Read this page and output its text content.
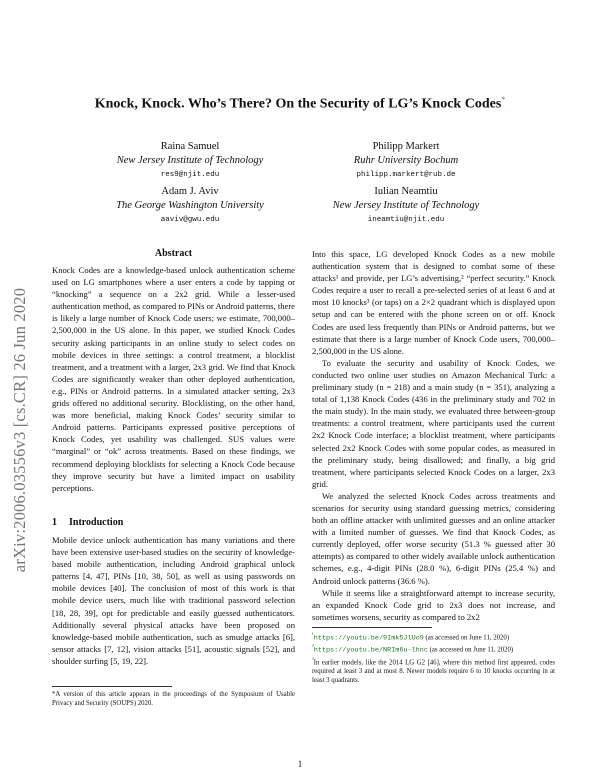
arXiv:2006.03556v3 [cs.CR] 26 Jun 2020
Knock, Knock. Who’s There? On the Security of LG’s Knock Codes*
Raina Samuel
New Jersey Institute of Technology
res9@njit.edu
Philipp Markert
Ruhr University Bochum
philipp.markert@rub.de
Adam J. Aviv
The George Washington University
aaviv@gwu.edu
Iulian Neamtiu
New Jersey Institute of Technology
ineamtiu@njit.edu
Abstract

Knock Codes are a knowledge-based unlock authentication scheme used on LG smartphones where a user enters a code by tapping or “knocking” a sequence on a 2x2 grid. While a lesser-used authentication method, as compared to PINs or Android patterns, there is likely a large number of Knock Code users; we estimate, 700,000–2,500,000 in the US alone. In this paper, we studied Knock Codes security asking participants in an online study to select codes on mobile devices in three settings: a control treatment, a blocklist treatment, and a treatment with a larger, 2x3 grid. We find that Knock Codes are significantly weaker than other deployed authentication, e.g., PINs or Android patterns. In a simulated attacker setting, 2x3 grids offered no additional security. Blocklisting, on the other hand, was more beneficial, making Knock Codes’ security similar to Android patterns. Participants expressed positive perceptions of Knock Codes, yet usability was challenged. SUS values were “marginal” or “ok” across treatments. Based on these findings, we recommend deploying blocklists for selecting a Knock Code because they improve security but have a limited impact on usability perceptions.

1 Introduction

Mobile device unlock authentication has many variations and there have been extensive user-based studies on the security of knowledge-based mobile authentication, including Android graphical unlock patterns [4, 47], PINs [10, 38, 50], as well as using passwords on mobile devices [40]. The conclusion of most of this work is that mobile device users, much like with traditional password selection [18, 28, 39], opt for predictable and easily guessed authenticators. Additionally several physical attacks have been proposed on knowledge-based mobile authentication, such as smudge attacks [6], sensor attacks [7, 12], vision attacks [51], acoustic signals [52], and shoulder surfing [5, 19, 22].

*A version of this article appears in the proceedings of the Symposium of Usable Privacy and Security (SOUPS) 2020.

Into this space, LG developed Knock Codes as a new mobile authentication system that is designed to combat some of these attacks¹ and provide, per LG’s advertising,² “perfect security.” Knock Codes require a user to recall a pre-selected series of at least 6 and at most 10 knocks³ (or taps) on a 2×2 quadrant which is displayed upon setup and can be entered with the phone screen on or off. Knock Codes are used less frequently than PINs or Android patterns, but we estimate that there is a large number of Knock Code users, 700,000–2,500,000 in the US alone.

To evaluate the security and usability of Knock Codes, we conducted two online user studies on Amazon Mechanical Turk: a preliminary study (n = 218) and a main study (n = 351), analyzing a total of 1,138 Knock Codes (436 in the preliminary study and 702 in the main study). In the main study, we evaluated three between-group treatments: a control treatment, where participants used the current 2x2 Knock Code interface; a blocklist treatment, where participants selected 2x2 Knock Codes with some popular codes, as measured in the preliminary study, being disallowed; and finally, a big grid treatment, where participants selected Knock Codes on a larger, 2x3 grid.

We analyzed the selected Knock Codes across treatments and scenarios for security using standard guessing metrics, considering both an offline attacker with unlimited guesses and an online attacker with a limited number of guesses. We find that Knock Codes, as currently deployed, offer worse security (51.3 % guessed after 30 attempts) as compared to other widely available unlock authentication schemes, e.g., 4-digit PINs (28.0 %), 6-digit PINs (25.4 %) and Android unlock patterns (36.6 %).

While it seems like a straightforward attempt to increase security, an expanded Knock Code grid to 2x3 does not increase, and sometimes worsens, security as compared to 2x2

$^{^1}$https://youtu.be/9Imk5JlUo9 (as accessed on June 11, 2020)
$^{^2}$https://youtu.be/NRIm6u-lhnc (as accessed on June 11, 2020)
$^{^3}$In earlier models, like the 2014 LG G2 [46], where this method first appeared, codes required at least 3 and at most 8. Newer models require 6 to 10 knocks occurring in at least 3 quadrants.
1
